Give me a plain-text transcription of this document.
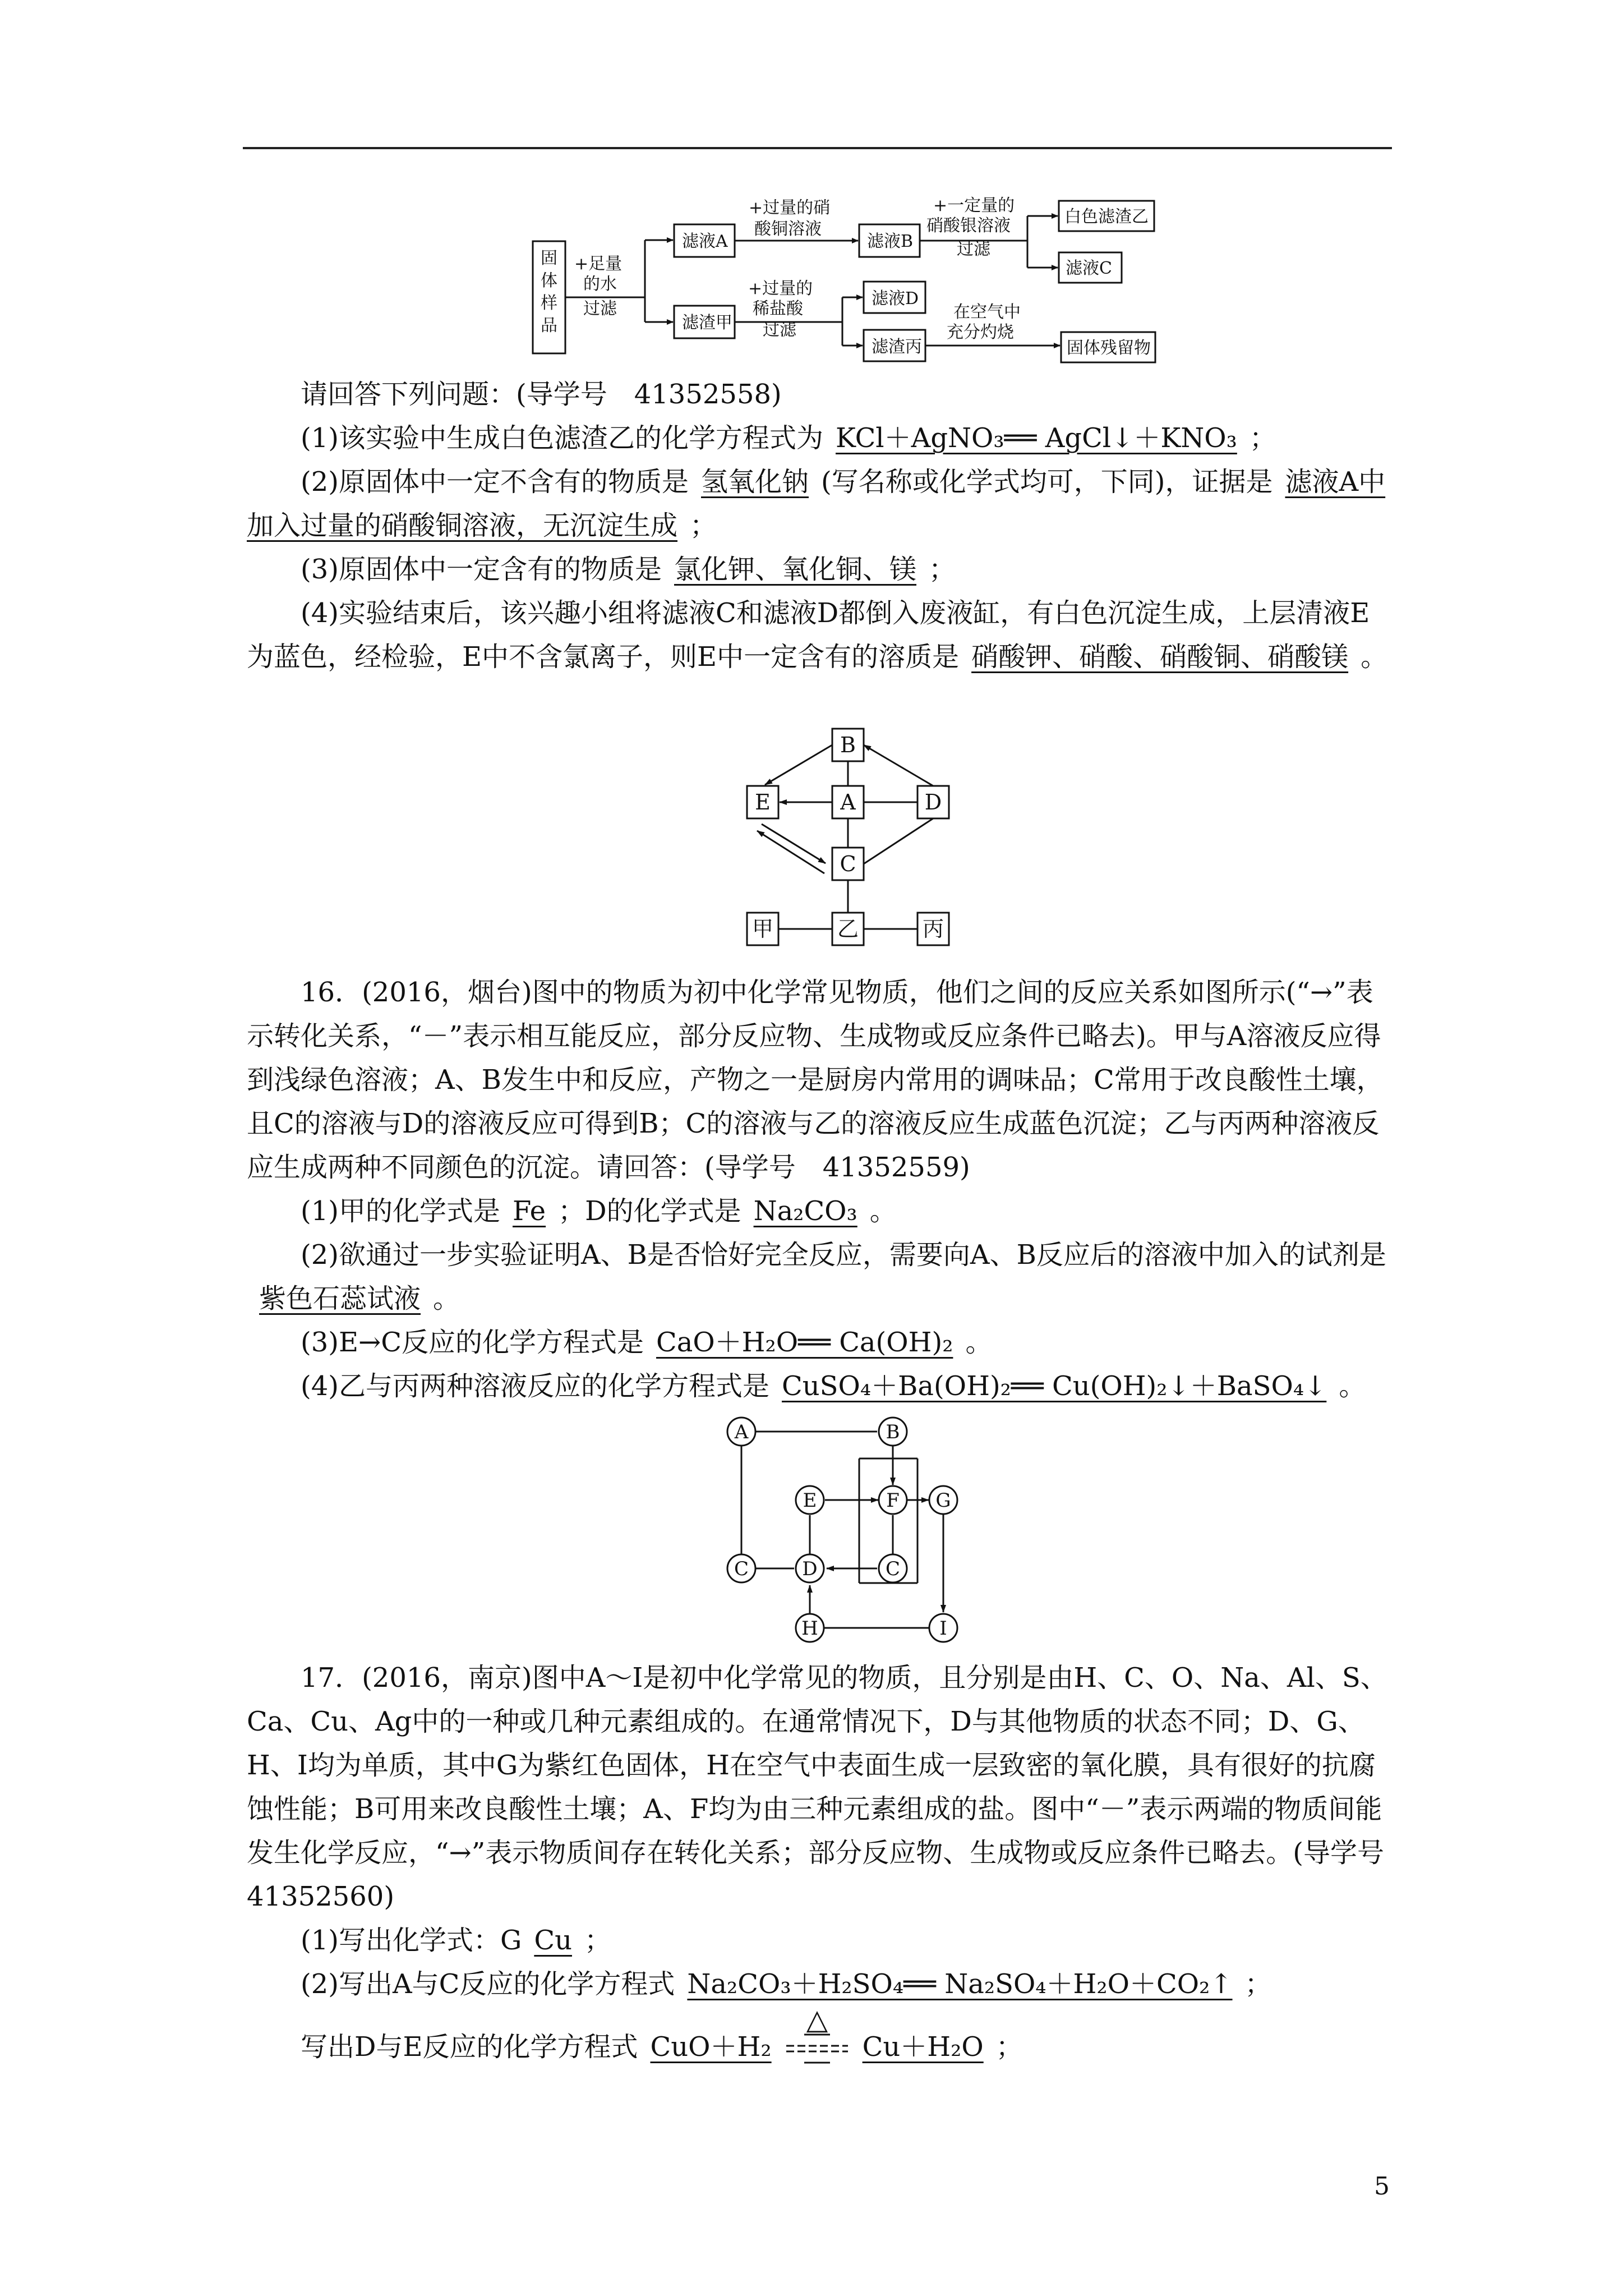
固体样品
+足量
的水
过滤
滤液A
滤渣甲
+过量的硝
酸铜溶液
滤液B
+一定量的
硝酸银溶液
过滤
白色滤渣乙
滤液C
+过量的
稀盐酸
过滤
滤液D
滤渣丙
在空气中
充分灼烧
固体残留物

请回答下列问题：(导学号　41352558)

(1)该实验中生成白色滤渣乙的化学方程式为 KCl＋AgNO₃══ AgCl↓＋KNO₃ ；

(2)原固体中一定不含有的物质是 氢氧化钠 (写名称或化学式均可，下同)，证据是 滤液A中加入过量的硝酸铜溶液，无沉淀生成 ；

(3)原固体中一定含有的物质是 氯化钾、氧化铜、镁 ；

(4)实验结束后，该兴趣小组将滤液C和滤液D都倒入废液缸，有白色沉淀生成，上层清液E为蓝色，经检验，E中不含氯离子，则E中一定含有的溶质是 硝酸钾、硝酸、硝酸铜、硝酸镁 。

B
E	A	D
C
甲	乙	丙

16．(2016，烟台)图中的物质为初中化学常见物质，他们之间的反应关系如图所示(“→”表示转化关系，“－”表示相互能反应，部分反应物、生成物或反应条件已略去)。甲与A溶液反应得到浅绿色溶液；A、B发生中和反应，产物之一是厨房内常用的调味品；C常用于改良酸性土壤，且C的溶液与D的溶液反应可得到B；C的溶液与乙的溶液反应生成蓝色沉淀；乙与丙两种溶液反应生成两种不同颜色的沉淀。请回答：(导学号　41352559)

(1)甲的化学式是 Fe ；D的化学式是 Na₂CO₃ 。

(2)欲通过一步实验证明A、B是否恰好完全反应，需要向A、B反应后的溶液中加入的试剂是紫色石蕊试液 。

(3)E→C反应的化学方程式是 CaO＋H₂O══ Ca(OH)₂ 。

(4)乙与丙两种溶液反应的化学方程式是 CuSO₄＋Ba(OH)₂══ Cu(OH)₂↓＋BaSO₄↓ 。

A	B
E	F G
C	D	C
H	I

17．(2016，南京)图中A～I是初中化学常见的物质，且分别是由H、C、O、Na、Al、S、Ca、Cu、Ag中的一种或几种元素组成的。在通常情况下，D与其他物质的状态不同；D、G、H、I均为单质，其中G为紫红色固体，H在空气中表面生成一层致密的氧化膜，具有很好的抗腐蚀性能；B可用来改良酸性土壤；A、F均为由三种元素组成的盐。图中“－”表示两端的物质间能发生化学反应，“→”表示物质间存在转化关系；部分反应物、生成物或反应条件已略去。(导学号　41352560)

(1)写出化学式：G Cu ；

(2)写出A与C反应的化学方程式 Na₂CO₃＋H₂SO₄══ Na₂SO₄＋H₂O＋CO₂↑ ；

写出D与E反应的化学方程式 CuO＋H₂
△
Cu＋H₂O ；

5
